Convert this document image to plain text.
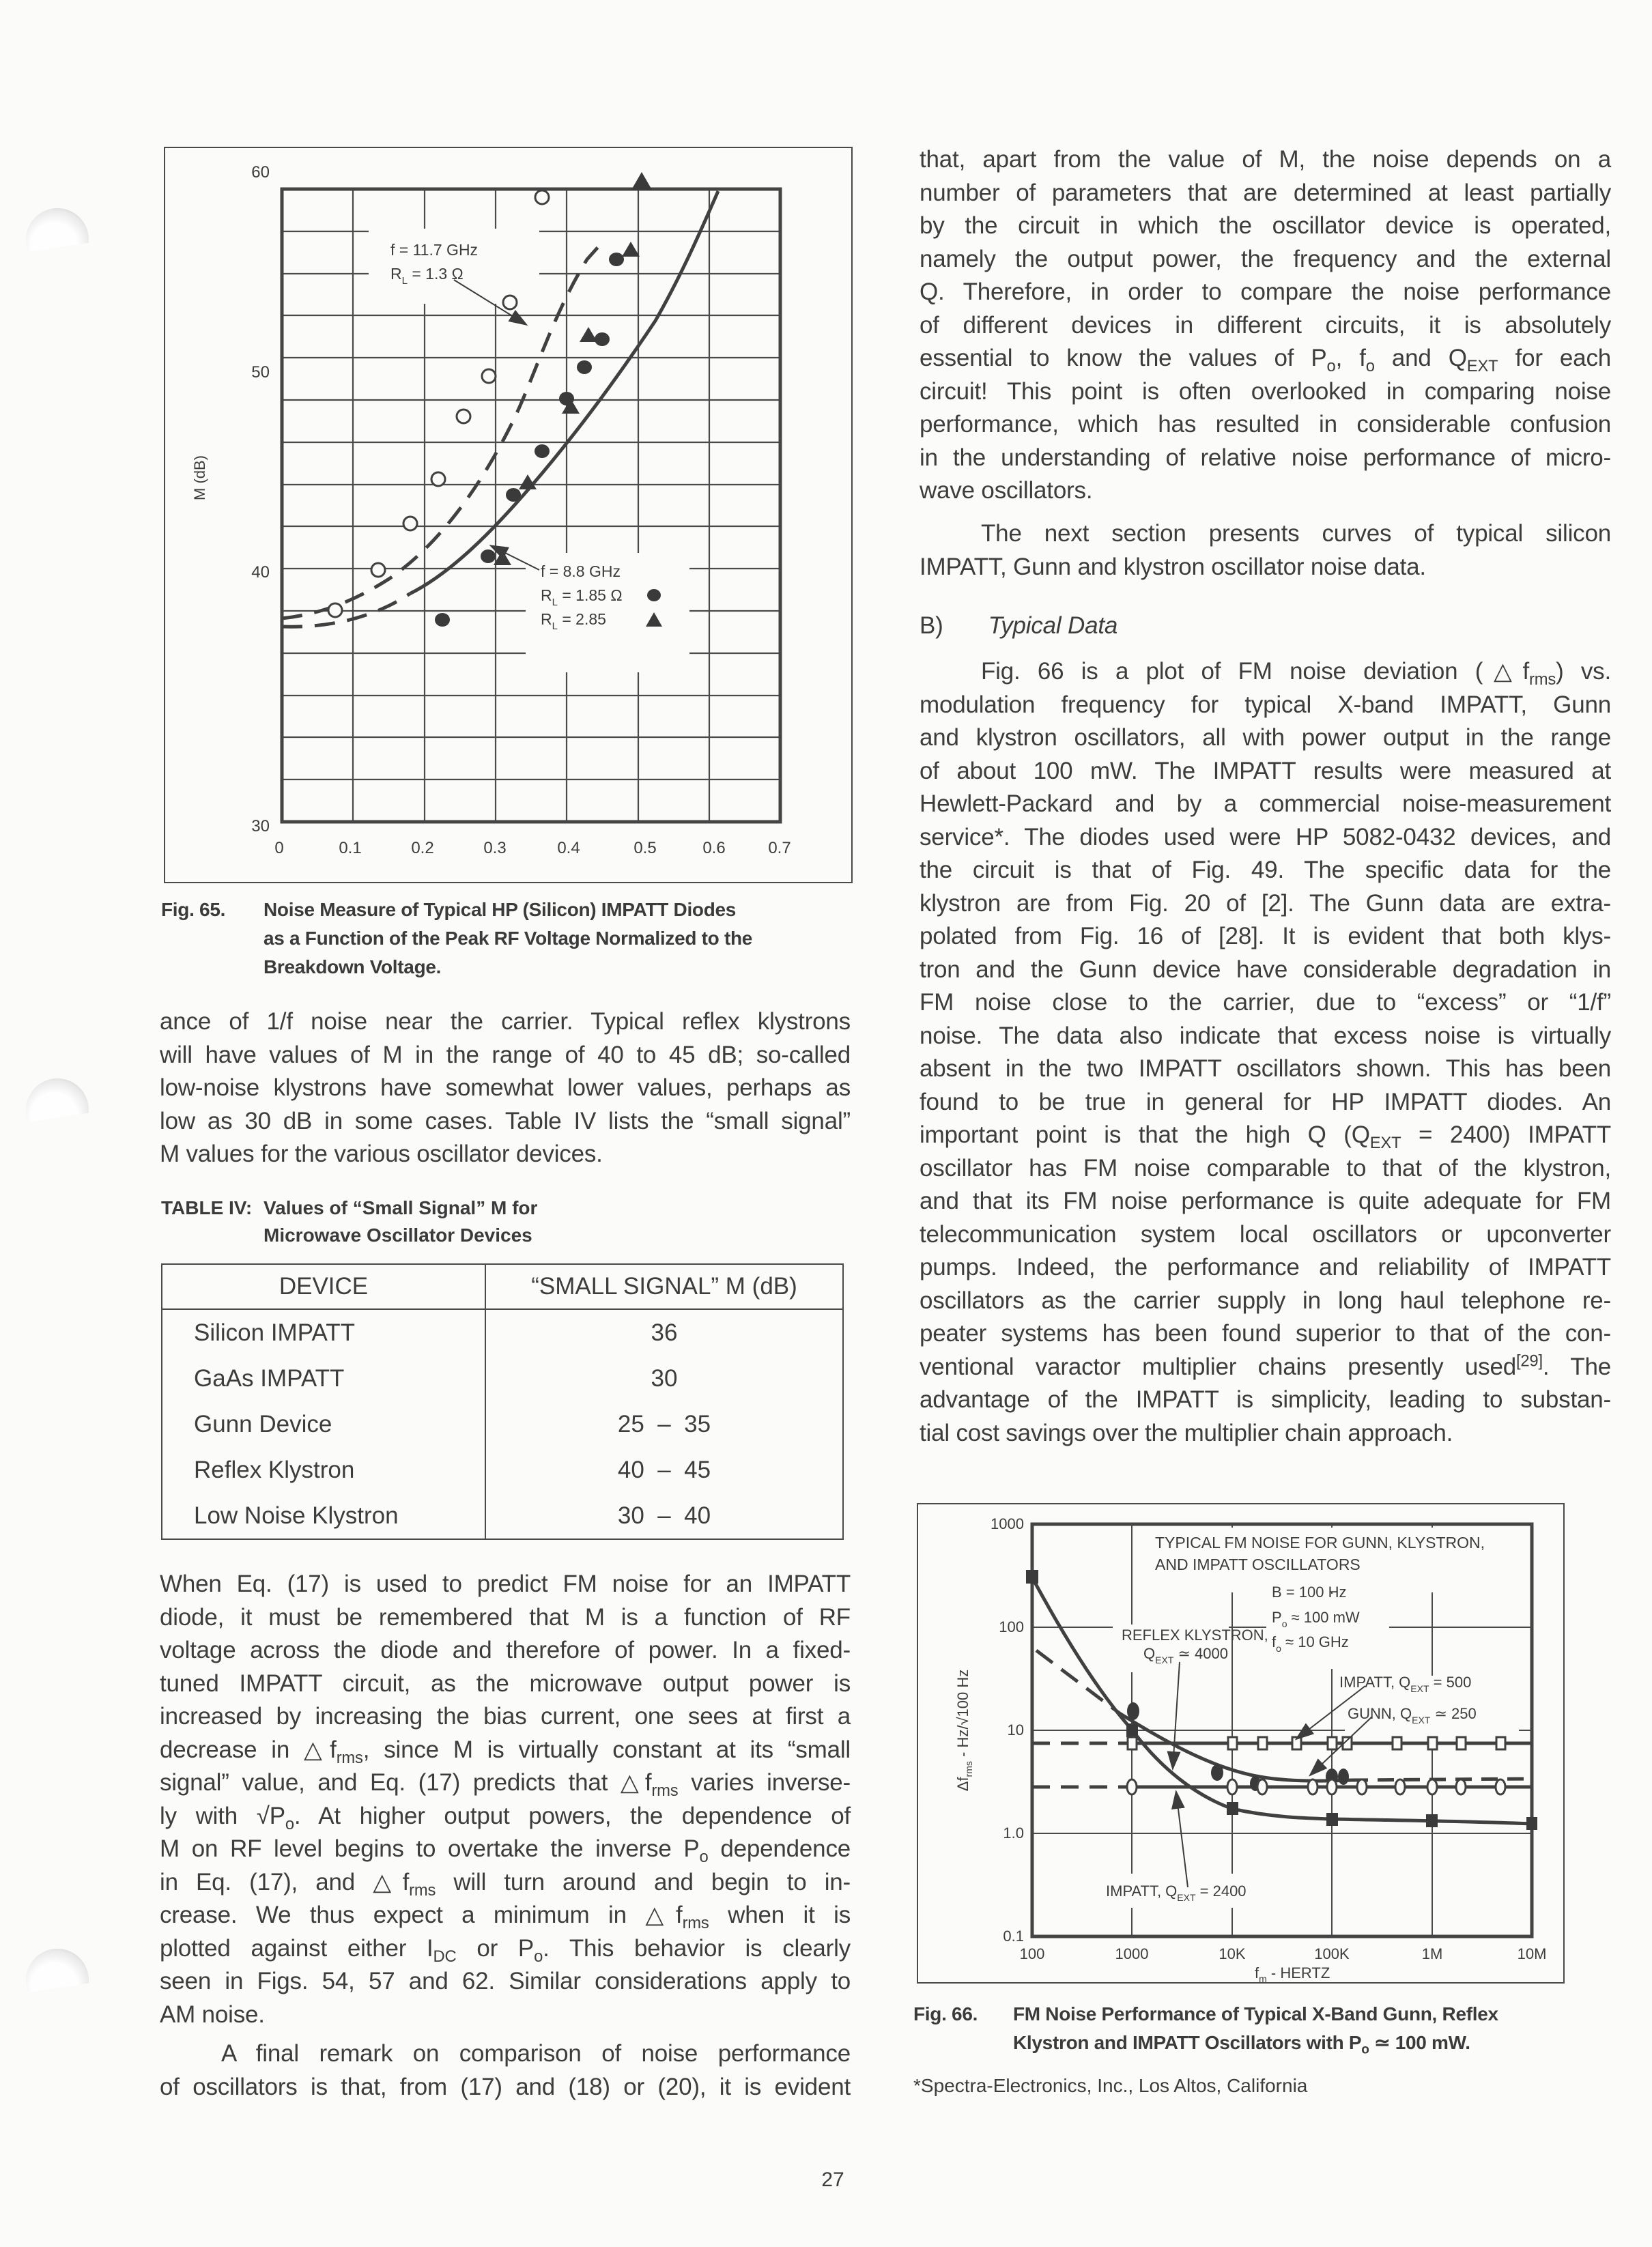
f = 11.7 GHz
$R_L = 1.3$ Ω
f = 8.8 GHz
$R_L = 1.85$ Ω
$R_L = 2.85$
60
50
40
30
M (dB)
0	0.1	0.2	0.3	0.4	0.5	0.6	0.7
Fig. 65.	Noise Measure of Typical HP (Silicon) IMPATT Diodes
as a Function of the Peak RF Voltage Normalized to the
Breakdown Voltage.
ance of 1/f noise near the carrier. Typical reflex klystrons
will have values of M in the range of 40 to 45 dB; so-called
low-noise klystrons have somewhat lower values, perhaps as
low as 30 dB in some cases. Table IV lists the “small signal”
M values for the various oscillator devices.
TABLE IV: Values of “Small Signal” M for
Microwave Oscillator Devices
DEVICE	“SMALL SIGNAL” M (dB)
Silicon IMPATT	36
GaAs IMPATT	30
Gunn Device	25  –  35
Reflex Klystron	40  –  45
Low Noise Klystron	30  –  40
When Eq. (17) is used to predict FM noise for an IMPATT
diode, it must be remembered that M is a function of RF
voltage across the diode and therefore of power. In a fixed-
tuned IMPATT circuit, as the microwave output power is
increased by increasing the bias current, one sees at first a
decrease in $\triangle f_{rms}$, since M is virtually constant at its “small
signal” value, and Eq. (17) predicts that $\triangle f_{rms}$ varies inverse-
ly with $√P_o$. At higher output powers, the dependence of
M on RF level begins to overtake the inverse $P_o$ dependence
in Eq. (17), and $\triangle f_{rms}$ will turn around and begin to in-
crease. We thus expect a minimum in $\triangle f_{rms}$ when it is
plotted against either $I_{DC}$ or $P_o$. This behavior is clearly
seen in Figs. 54, 57 and 62. Similar considerations apply to
AM noise.
A final remark on comparison of noise performance
of oscillators is that, from (17) and (18) or (20), it is evident
that, apart from the value of M, the noise depends on a
number of parameters that are determined at least partially
by the circuit in which the oscillator device is operated,
namely the output power, the frequency and the external
Q. Therefore, in order to compare the noise performance
of different devices in different circuits, it is absolutely
essential to know the values of $P_o$, $f_o$ and $Q_{EXT}$ for each
circuit! This point is often overlooked in comparing noise
performance, which has resulted in considerable confusion
in the understanding of relative noise performance of micro-
wave oscillators.
The next section presents curves of typical silicon
IMPATT, Gunn and klystron oscillator noise data.
B) Typical Data
Fig. 66 is a plot of FM noise deviation $(\triangle f_{rms})$ vs.
modulation frequency for typical X-band IMPATT, Gunn
and klystron oscillators, all with power output in the range
of about 100 mW. The IMPATT results were measured at
Hewlett-Packard and by a commercial noise-measurement
service*. The diodes used were HP 5082-0432 devices, and
the circuit is that of Fig. 49. The specific data for the
klystron are from Fig. 20 of [2]. The Gunn data are extra-
polated from Fig. 16 of [28]. It is evident that both klys-
tron and the Gunn device have considerable degradation in
FM noise close to the carrier, due to “excess” or “1/f”
noise. The data also indicate that excess noise is virtually
absent in the two IMPATT oscillators shown. This has been
found to be true in general for HP IMPATT diodes. An
important point is that the high Q $(Q_{EXT} = 2400)$ IMPATT
oscillator has FM noise comparable to that of the klystron,
and that its FM noise performance is quite adequate for FM
telecommunication system local oscillators or upconverter
pumps. Indeed, the performance and reliability of IMPATT
oscillators as the carrier supply in long haul telephone re-
peater systems has been found superior to that of the con-
ventional varactor multiplier chains presently used[29]. The
advantage of the IMPATT is simplicity, leading to substan-
tial cost savings over the multiplier chain approach.
TYPICAL FM NOISE FOR GUNN, KLYSTRON,
AND IMPATT OSCILLATORS
B = 100 Hz
$P_o \approx 100$ mW
$f_o \approx 10$ GHz
REFLEX KLYSTRON,
$Q_{EXT}$ ≃ 4000
IMPATT, $Q_{EXT} = 500$
GUNN, $Q_{EXT}$ ≃ 250
IMPATT, $Q_{EXT} = 2400$
1000
100
10
1.0
0.1
$\Delta f_{rms} - Hz/√100$ Hz
100	1000	10K	100K	1M	10M
$f_m$ - HERTZ
Fig. 66.	FM Noise Performance of Typical X-Band Gunn, Reflex
Klystron and IMPATT Oscillators with $P_o$ ≃ 100 mW.
*Spectra-Electronics, Inc., Los Altos, California
27
